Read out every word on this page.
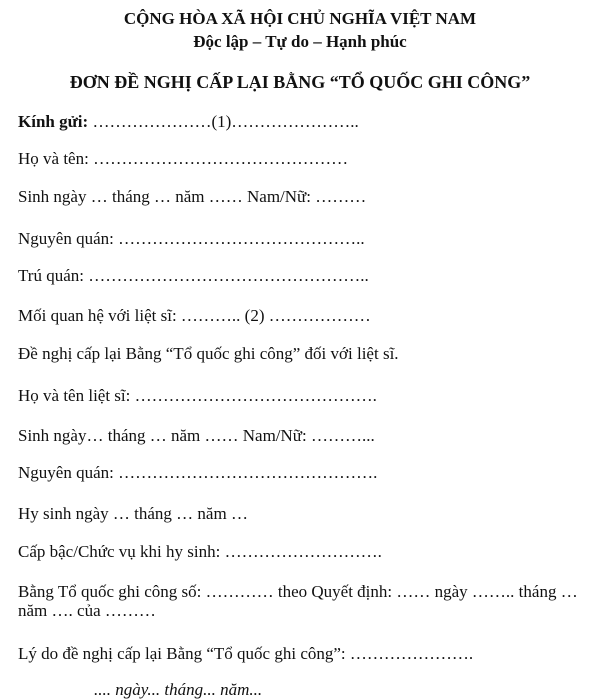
CỘNG HÒA XÃ HỘI CHỦ NGHĨA VIỆT NAM
Độc lập – Tự do – Hạnh phúc
ĐƠN ĐỀ NGHỊ CẤP LẠI BẰNG “TỔ QUỐC GHI CÔNG”
Kính gửi: …………………(1)…………………..
Họ và tên: ………………………………………
Sinh ngày … tháng … năm …… Nam/Nữ: ………
Nguyên quán: ……………………………………..
Trú quán: …………………………………………..
Mối quan hệ với liệt sĩ: ……….. (2) ………………
Đề nghị cấp lại Bằng “Tổ quốc ghi công” đối với liệt sĩ.
Họ và tên liệt sĩ: …………………………………….
Sinh ngày… tháng … năm …… Nam/Nữ: ………...
Nguyên quán: ……………………………………….
Hy sinh ngày … tháng … năm …
Cấp bậc/Chức vụ khi hy sinh: ……………………….
Bằng Tổ quốc ghi công số: ………… theo Quyết định: …… ngày …….. tháng …
năm …. của ………
Lý do đề nghị cấp lại Bằng “Tổ quốc ghi công”: ………………….
.... ngày... tháng... năm...
